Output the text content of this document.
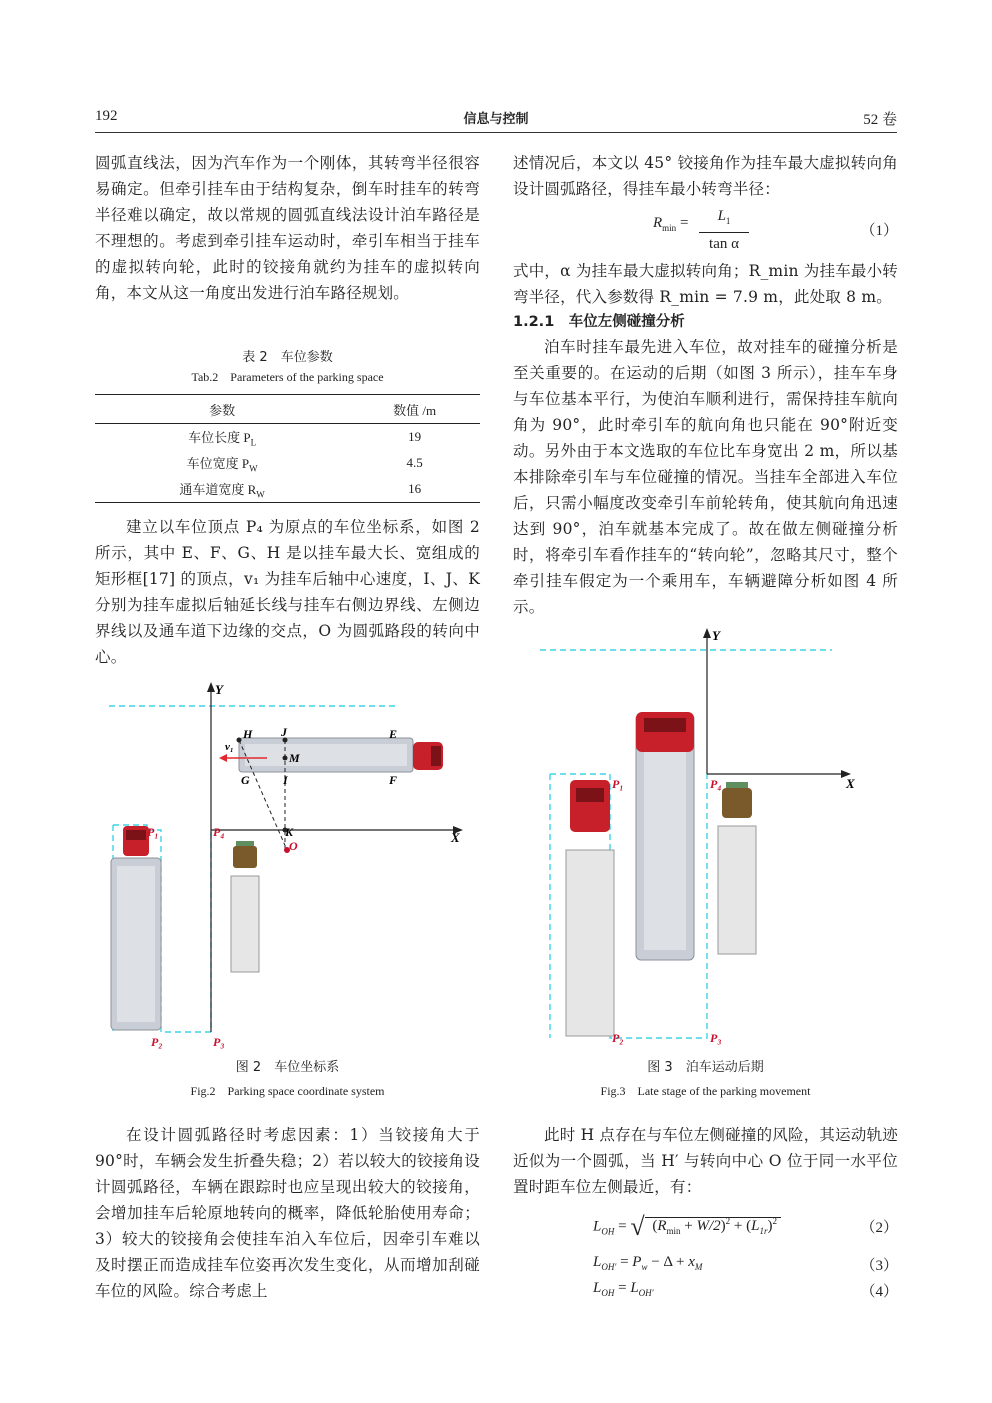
192	信息与控制	52 卷

圆弧直线法，因为汽车作为一个刚体，其转弯半径很容易确定。但牵引挂车由于结构复杂，倒车时挂车的转弯半径难以确定，故以常规的圆弧直线法设计泊车路径是不理想的。考虑到牵引挂车运动时，牵引车相当于挂车的虚拟转向轮，此时的铰接角就约为挂车的虚拟转向角，本文从这一角度出发进行泊车路径规划。

表 2　车位参数

Tab.2　Parameters of the parking space

参数	数值 /m
车位长度 $P_L$	19
车位宽度 $P_W$	4.5
通车道宽度 $R_W$	16

建立以车位顶点 P₄ 为原点的车位坐标系，如图 2 所示，其中 E、F、G、H 是以挂车最大长、宽组成的矩形框[17] 的顶点，v₁ 为挂车后轴中心速度，I、J、K 分别为挂车虚拟后轴延长线与挂车右侧边界线、左侧边界线以及通车道下边缘的交点，O 为圆弧路段的转向中心。

Y
X
H J	E
M
v₁
G	I	F
P₁	P₄	K
O
P₂	P₃
图 2　车位坐标系
Fig.2　Parking space coordinate system

在设计圆弧路径时考虑因素：1）当铰接角大于 90°时，车辆会发生折叠失稳；2）若以较大的铰接角设计圆弧路径，车辆在跟踪时也应呈现出较大的铰接角，会增加挂车后轮原地转向的概率，降低轮胎使用寿命；3）较大的铰接角会使挂车泊入车位后，因牵引车难以及时摆正而造成挂车位姿再次发生变化，从而增加刮碰车位的风险。综合考虑上

述情况后，本文以 45° 铰接角作为挂车最大虚拟转向角设计圆弧路径，得挂车最小转弯半径：

$R_{min} = \frac{L_1}{\text{tan α}}$	（1）

式中，α 为挂车最大虚拟转向角；R_min 为挂车最小转弯半径，代入参数得 R_min = 7.9 m，此处取 8 m。

1.2.1　车位左侧碰撞分析

泊车时挂车最先进入车位，故对挂车的碰撞分析是至关重要的。在运动的后期（如图 3 所示），挂车车身与车位基本平行，为使泊车顺利进行，需保持挂车航向角为 90°，此时牵引车的航向角也只能在 90°附近变动。另外由于本文选取的车位比车身宽出 2 m，所以基本排除牵引车与车位碰撞的情况。当挂车全部进入车位后，只需小幅度改变牵引车前轮转角，使其航向角迅速达到 90°，泊车就基本完成了。故在做左侧碰撞分析时，将牵引车看作挂车的“转向轮”，忽略其尺寸，整个牵引挂车假定为一个乘用车，车辆避障分析如图 4 所示。

Y
X
P₁	P₄
P₂	P₃
图 3　泊车运动后期
Fig.3　Late stage of the parking movement

此时 H 点存在与车位左侧碰撞的风险，其运动轨迹近似为一个圆弧，当 H′ 与转向中心 O 位于同一水平位置时距车位左侧最近，有：

$L_{OH}$ = √ $(R_{min} + W/2)^2 + (L_{1r})^2$	（2）
$L_{OH'} = P_w - \Delta + x_M$	（3）
$L_{OH} = L_{OH'}$	（4）
